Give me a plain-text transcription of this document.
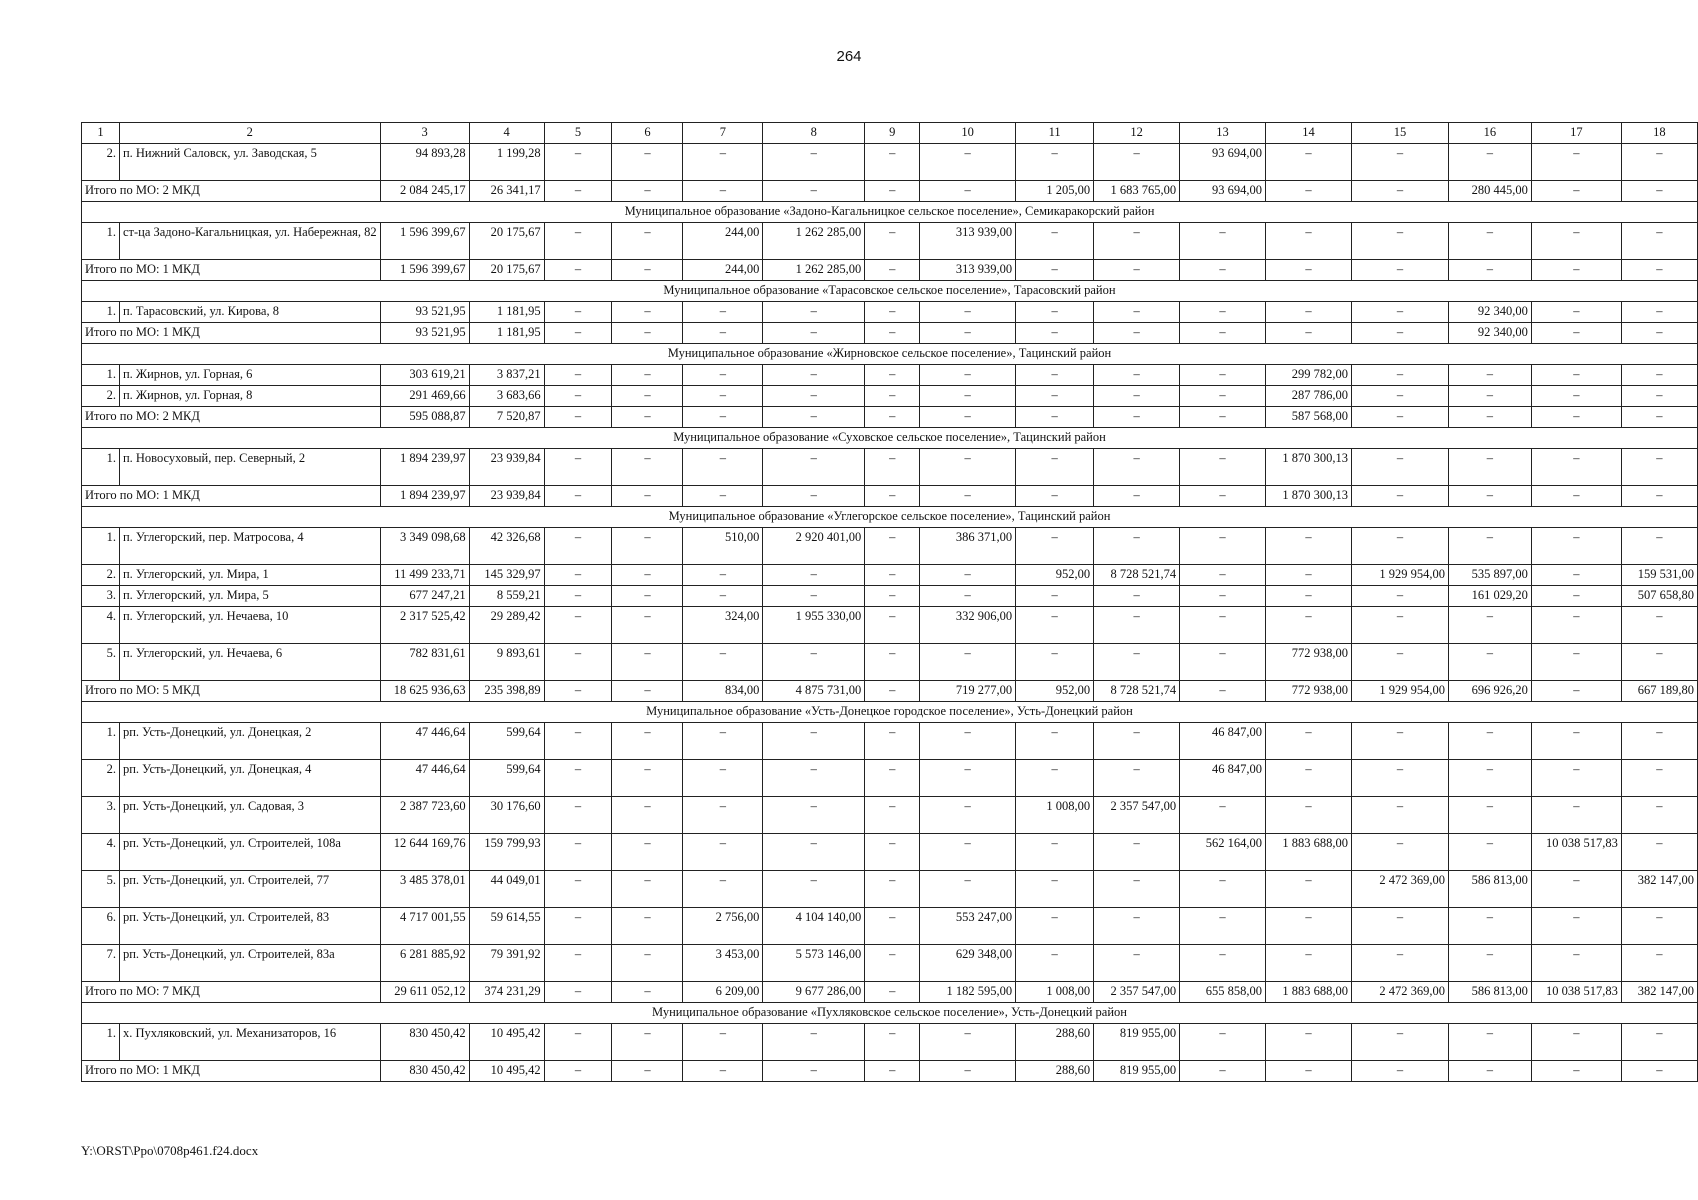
264
1	2	3	4	5	6	7	8	9	10	11	12	13	14	15	16	17	18
2.	п. Нижний Саловск, ул. Заводская, 5	94 893,28	1 199,28	–	–	–	–	–	–	–	–	93 694,00	–	–	–	–	–
Итого по МО: 2 МКД		2 084 245,17	26 341,17	–	–	–	–	–	–	1 205,00	1 683 765,00	93 694,00	–	–	280 445,00	–	–
Муниципальное образование «Задоно-Кагальницкое сельское поселение», Семикаракорский район																	
1.	ст-ца Задоно-Кагальницкая, ул. Набережная, 82	1 596 399,67	20 175,67	–	–	244,00	1 262 285,00	–	313 939,00	–	–	–	–	–	–	–	–
Итого по МО: 1 МКД		1 596 399,67	20 175,67	–	–	244,00	1 262 285,00	–	313 939,00	–	–	–	–	–	–	–	–
Муниципальное образование «Тарасовское сельское поселение», Тарасовский район																	
1.	п. Тарасовский, ул. Кирова, 8	93 521,95	1 181,95	–	–	–	–	–	–	–	–	–	–	–	92 340,00	–	–
Итого по МО: 1 МКД		93 521,95	1 181,95	–	–	–	–	–	–	–	–	–	–	–	92 340,00	–	–
Муниципальное образование «Жирновское сельское поселение», Тацинский район																	
1.	п. Жирнов, ул. Горная, 6	303 619,21	3 837,21	–	–	–	–	–	–	–	–	–	299 782,00	–	–	–	–
2.	п. Жирнов, ул. Горная, 8	291 469,66	3 683,66	–	–	–	–	–	–	–	–	–	287 786,00	–	–	–	–
Итого по МО: 2 МКД		595 088,87	7 520,87	–	–	–	–	–	–	–	–	–	587 568,00	–	–	–	–
Муниципальное образование «Суховское сельское поселение», Тацинский район																	
1.	п. Новосуховый, пер. Северный, 2	1 894 239,97	23 939,84	–	–	–	–	–	–	–	–	–	1 870 300,13	–	–	–	–
Итого по МО: 1 МКД		1 894 239,97	23 939,84	–	–	–	–	–	–	–	–	–	1 870 300,13	–	–	–	–
Муниципальное образование «Углегорское сельское поселение», Тацинский район																	
1.	п. Углегорский, пер. Матросова, 4	3 349 098,68	42 326,68	–	–	510,00	2 920 401,00	–	386 371,00	–	–	–	–	–	–	–	–
2.	п. Углегорский, ул. Мира, 1	11 499 233,71	145 329,97	–	–	–	–	–	–	952,00	8 728 521,74	–	–	1 929 954,00	535 897,00	–	159 531,00
3.	п. Углегорский, ул. Мира, 5	677 247,21	8 559,21	–	–	–	–	–	–	–	–	–	–	–	161 029,20	–	507 658,80
4.	п. Углегорский, ул. Нечаева, 10	2 317 525,42	29 289,42	–	–	324,00	1 955 330,00	–	332 906,00	–	–	–	–	–	–	–	–
5.	п. Углегорский, ул. Нечаева, 6	782 831,61	9 893,61	–	–	–	–	–	–	–	–	–	772 938,00	–	–	–	–
Итого по МО: 5 МКД		18 625 936,63	235 398,89	–	–	834,00	4 875 731,00	–	719 277,00	952,00	8 728 521,74	–	772 938,00	1 929 954,00	696 926,20	–	667 189,80
Муниципальное образование «Усть-Донецкое городское поселение», Усть-Донецкий район																	
1.	рп. Усть-Донецкий, ул. Донецкая, 2	47 446,64	599,64	–	–	–	–	–	–	–	–	46 847,00	–	–	–	–	–
2.	рп. Усть-Донецкий, ул. Донецкая, 4	47 446,64	599,64	–	–	–	–	–	–	–	–	46 847,00	–	–	–	–	–
3.	рп. Усть-Донецкий, ул. Садовая, 3	2 387 723,60	30 176,60	–	–	–	–	–	–	1 008,00	2 357 547,00	–	–	–	–	–	–
4.	рп. Усть-Донецкий, ул. Строителей, 108а	12 644 169,76	159 799,93	–	–	–	–	–	–	–	–	562 164,00	1 883 688,00	–	–	10 038 517,83	–
5.	рп. Усть-Донецкий, ул. Строителей, 77	3 485 378,01	44 049,01	–	–	–	–	–	–	–	–	–	–	2 472 369,00	586 813,00	–	382 147,00
6.	рп. Усть-Донецкий, ул. Строителей, 83	4 717 001,55	59 614,55	–	–	2 756,00	4 104 140,00	–	553 247,00	–	–	–	–	–	–	–	–
7.	рп. Усть-Донецкий, ул. Строителей, 83а	6 281 885,92	79 391,92	–	–	3 453,00	5 573 146,00	–	629 348,00	–	–	–	–	–	–	–	–
Итого по МО: 7 МКД		29 611 052,12	374 231,29	–	–	6 209,00	9 677 286,00	–	1 182 595,00	1 008,00	2 357 547,00	655 858,00	1 883 688,00	2 472 369,00	586 813,00	10 038 517,83	382 147,00
Муниципальное образование «Пухляковское сельское поселение», Усть-Донецкий район																	
1.	х. Пухляковский, ул. Механизаторов, 16	830 450,42	10 495,42	–	–	–	–	–	–	288,60	819 955,00	–	–	–	–	–	–
Итого по МО: 1 МКД		830 450,42	10 495,42	–	–	–	–	–	–	288,60	819 955,00	–	–	–	–	–	–
Y:\ORST\Ppo\0708p461.f24.docx
